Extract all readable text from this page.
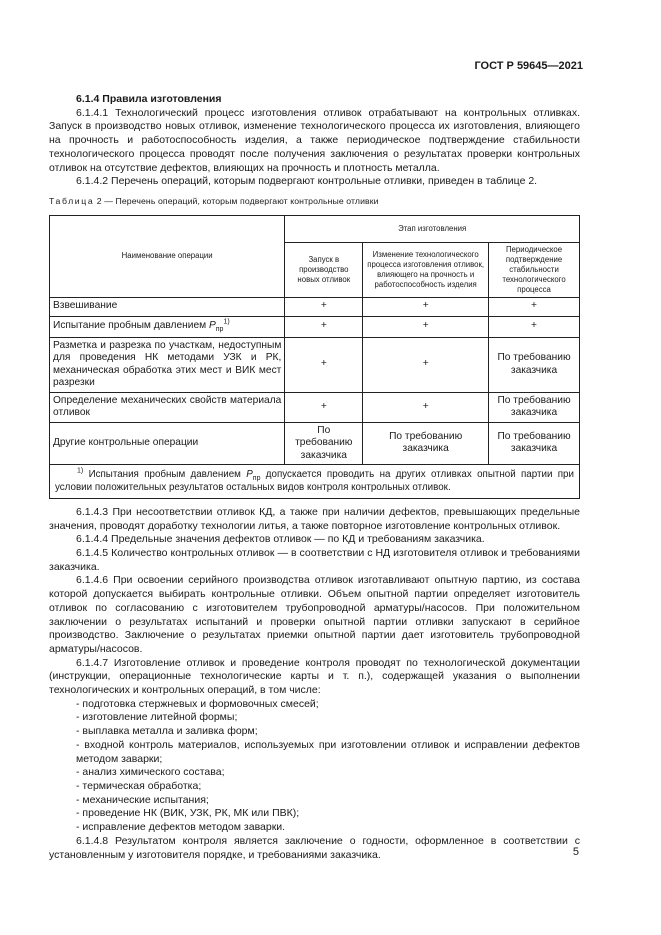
ГОСТ Р 59645—2021

6.1.4 Правила изготовления

6.1.4.1 Технологический процесс изготовления отливок отрабатывают на контрольных отливках. Запуск в производство новых отливок, изменение технологического процесса их изготовления, влияющего на прочность и работоспособность изделия, а также периодическое подтверждение стабильности технологического процесса проводят после получения заключения о результатах проверки контрольных отливок на отсутствие дефектов, влияющих на прочность и плотность металла.

6.1.4.2 Перечень операций, которым подвергают контрольные отливки, приведен в таблице 2.

Таблица 2 — Перечень операций, которым подвергают контрольные отливки
Наименование операции	Этап изготовления		
	Запуск в производство новых отливок	Изменение технологического процесса изготовления отливок, влияющего на прочность и работоспособность изделия	Периодическое подтверждение стабильности технологического процесса
Взвешивание	+	+	+
Испытание пробным давлением $P_{пр}^{1)}$	+	+	+
Разметка и разрезка по участкам, недоступным для проведения НК методами УЗК и РК, механическая обработка этих мест и ВИК мест разрезки	+	+	По требованию заказчика
Определение механических свойств материала отливок	+	+	По требованию заказчика
Другие контрольные операции	По требованию заказчика	По требованию заказчика	По требованию заказчика
$^{1)}$ Испытания пробным давлением $P_{пр}$ допускается проводить на других отливках опытной партии при условии положительных результатов остальных видов контроля контрольных отливок.			

6.1.4.3 При несоответствии отливок КД, а также при наличии дефектов, превышающих предельные значения, проводят доработку технологии литья, а также повторное изготовление контрольных отливок.

6.1.4.4 Предельные значения дефектов отливок — по КД и требованиям заказчика.

6.1.4.5 Количество контрольных отливок — в соответствии с НД изготовителя отливок и требованиями заказчика.

6.1.4.6 При освоении серийного производства отливок изготавливают опытную партию, из состава которой допускается выбирать контрольные отливки. Объем опытной партии определяет изготовитель отливок по согласованию с изготовителем трубопроводной арматуры/насосов. При положительном заключении о результатах испытаний и проверки опытной партии отливки запускают в серийное производство. Заключение о результатах приемки опытной партии дает изготовитель трубопроводной арматуры/насосов.

6.1.4.7 Изготовление отливок и проведение контроля проводят по технологической документации (инструкции, операционные технологические карты и т. п.), содержащей указания о выполнении технологических и контрольных операций, в том числе:

- подготовка стержневых и формовочных смесей;
- изготовление литейной формы;
- выплавка металла и заливка форм;
- входной контроль материалов, используемых при изготовлении отливок и исправлении дефектов методом заварки;
- анализ химического состава;
- термическая обработка;
- механические испытания;
- проведение НК (ВИК, УЗК, РК, МК или ПВК);
- исправление дефектов методом заварки.

6.1.4.8 Результатом контроля является заключение о годности, оформленное в соответствии с установленным у изготовителя порядке, и требованиями заказчика.	5
